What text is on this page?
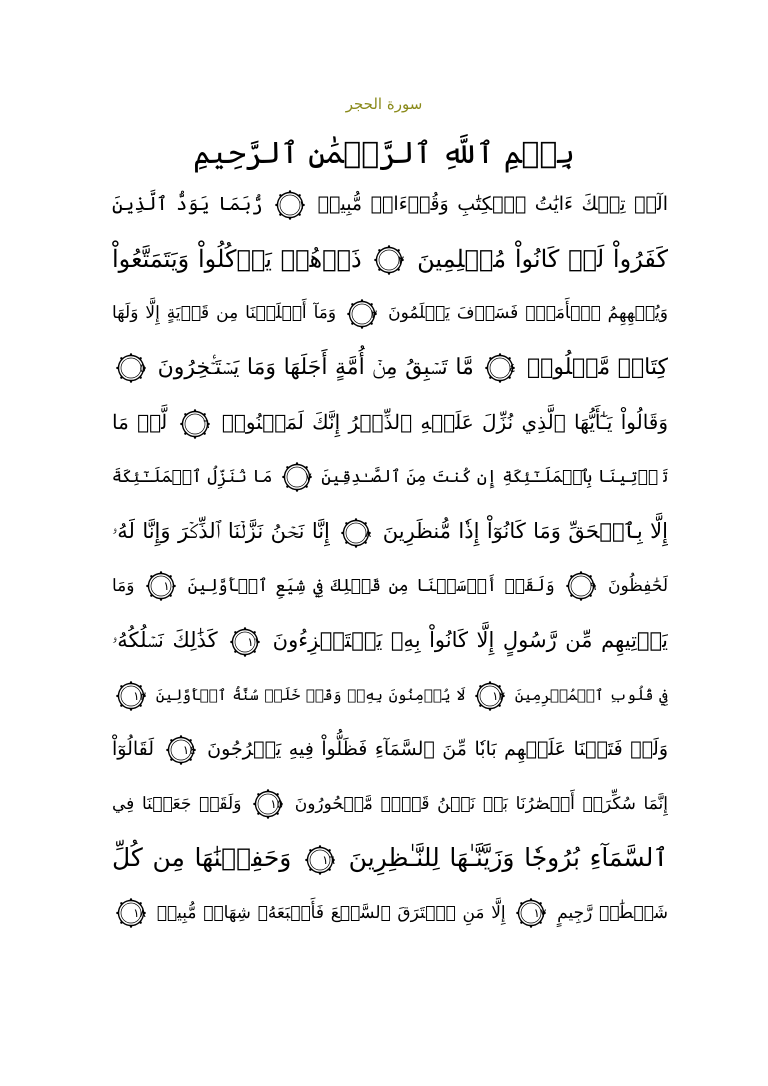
سورة الحجر
بِسۡمِ ٱللَّهِ ٱلرَّحۡمَٰنِ ٱلرَّحِيمِ
الٓرۚ تِلۡكَ ءَايَٰتُ ٱلۡكِتَٰبِ وَقُرۡءَانٖ مُّبِينٖ
١
رُّبَمَا يَوَدُّ ٱلَّذِينَ
كَفَرُواْ لَوۡ كَانُواْ مُسۡلِمِينَ
٢
ذَرۡهُمۡ يَأۡكُلُواْ وَيَتَمَتَّعُواْ
وَيُلۡهِهِمُ ٱلۡأَمَلُۖ فَسَوۡفَ يَعۡلَمُونَ
٣
وَمَآ أَهۡلَكۡنَا مِن قَرۡيَةٍ إِلَّا وَلَهَا
كِتَابٞ مَّعۡلُومٞ
٤
مَّا تَسۡبِقُ مِنۡ أُمَّةٍ أَجَلَهَا وَمَا يَسۡتَـٔۡخِرُونَ
٥
وَقَالُواْ يَـٰٓأَيُّهَا ٱلَّذِي نُزِّلَ عَلَيۡهِ ٱلذِّكۡرُ إِنَّكَ لَمَجۡنُونٞ
٦
لَّوۡ مَا
تَأۡتِينَا بِٱلۡمَلَـٰٓئِكَةِ إِن كُنتَ مِنَ ٱلصَّـٰدِقِينَ
٧
مَا نُنَزِّلُ ٱلۡمَلَـٰٓئِكَةَ
إِلَّا بِٱلۡحَقِّ وَمَا كَانُوٓاْ إِذٗا مُّنظَرِينَ
٨
إِنَّا نَحۡنُ نَزَّلۡنَا ٱلذِّكۡرَ وَإِنَّا لَهُۥ
لَحَٰفِظُونَ
٩
وَلَقَدۡ أَرۡسَلۡنَا مِن قَبۡلِكَ فِي شِيَعِ ٱلۡأَوَّلِينَ
١٠
وَمَا
يَأۡتِيهِم مِّن رَّسُولٍ إِلَّا كَانُواْ بِهِۦ يَسۡتَهۡزِءُونَ
١١
كَذَٰلِكَ نَسۡلُكُهُۥ
فِي قُلُوبِ ٱلۡمُجۡرِمِينَ
١٢
لَا يُؤۡمِنُونَ بِهِۦۖ وَقَدۡ خَلَتۡ سُنَّةُ ٱلۡأَوَّلِينَ
١٣
وَلَوۡ فَتَحۡنَا عَلَيۡهِم بَابٗا مِّنَ ٱلسَّمَآءِ فَظَلُّواْ فِيهِ يَعۡرُجُونَ
١٤
لَقَالُوٓاْ
إِنَّمَا سُكِّرَتۡ أَبۡصَٰرُنَا بَلۡ نَحۡنُ قَوۡمٞ مَّسۡحُورُونَ
١٥
وَلَقَدۡ جَعَلۡنَا فِي
ٱلسَّمَآءِ بُرُوجٗا وَزَيَّنَّـٰهَا لِلنَّـٰظِرِينَ
١٦
وَحَفِظۡنَٰهَا مِن كُلِّ
شَيۡطَٰنٖ رَّجِيمٍ
١٧
إِلَّا مَنِ ٱسۡتَرَقَ ٱلسَّمۡعَ فَأَتۡبَعَهُۥ شِهَابٞ مُّبِينٞ
١٨
